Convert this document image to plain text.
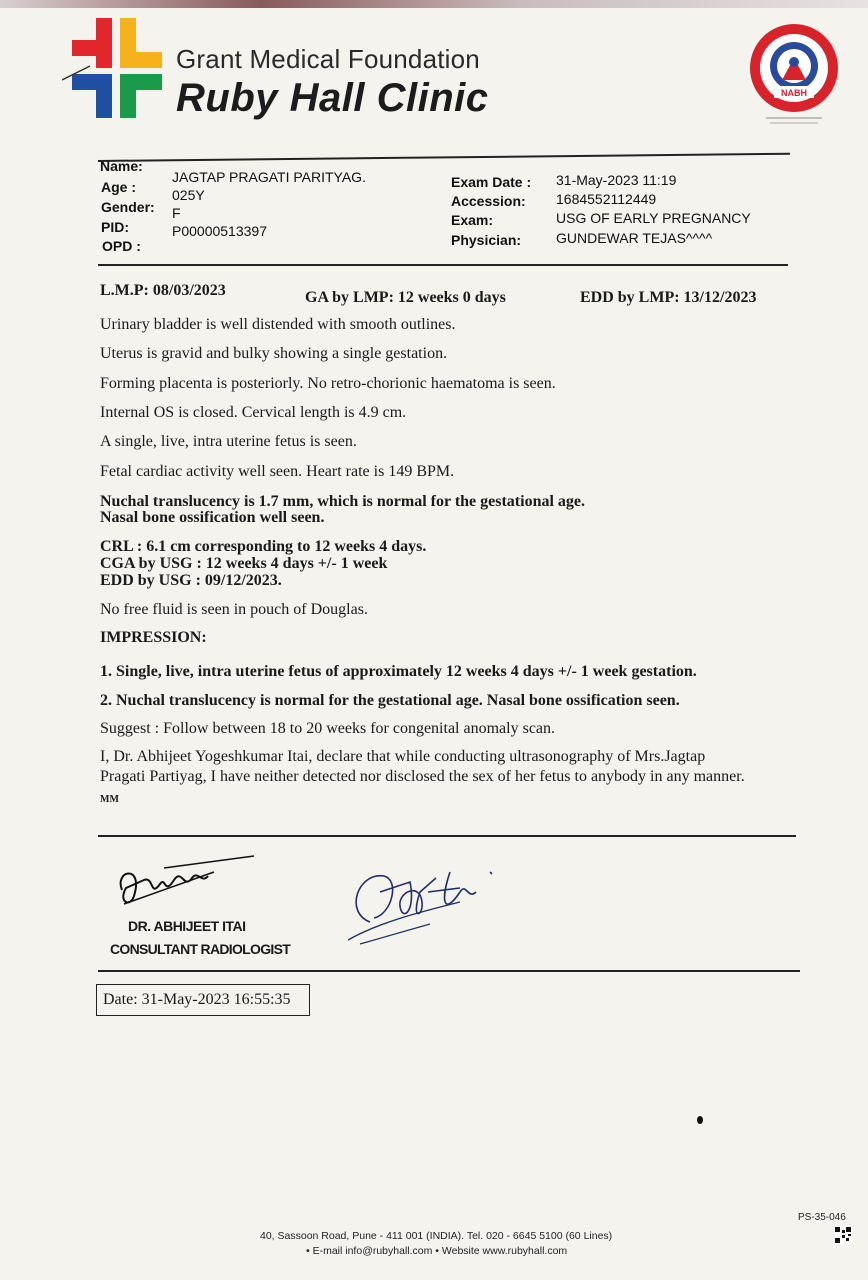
Grant Medical Foundation
Ruby Hall Clinic	NABH
Name:
JAGTAP PRAGATI PARITYAG.
Age :	025Y
Gender: F
PID:	P00000513397
OPD :
Exam Date : 31-May-2023 11:19
Accession: 1684552112449
Exam:	USG OF EARLY PREGNANCY
Physician: GUNDEWAR TEJAS^^^^
L.M.P: 08/03/2023	GA by LMP: 12 weeks 0 days	EDD by LMP: 13/12/2023
Urinary bladder is well distended with smooth outlines.
Uterus is gravid and bulky showing a single gestation.
Forming placenta is posteriorly. No retro-chorionic haematoma is seen.
Internal OS is closed. Cervical length is 4.9 cm.
A single, live, intra uterine fetus is seen.
Fetal cardiac activity well seen. Heart rate is 149 BPM.
Nuchal translucency is 1.7 mm, which is normal for the gestational age.
Nasal bone ossification well seen.
CRL : 6.1 cm corresponding to 12 weeks 4 days.
CGA by USG : 12 weeks 4 days +/- 1 week
EDD by USG : 09/12/2023.
No free fluid is seen in pouch of Douglas.
IMPRESSION:
1. Single, live, intra uterine fetus of approximately 12 weeks 4 days +/- 1 week gestation.
2. Nuchal translucency is normal for the gestational age. Nasal bone ossification seen.
Suggest : Follow between 18 to 20 weeks for congenital anomaly scan.
I, Dr. Abhijeet Yogeshkumar Itai, declare that while conducting ultrasonography of Mrs.Jagtap
Pragati Partiyag, I have neither detected nor disclosed the sex of her fetus to anybody in any manner.
MM
DR. ABHIJEET ITAI
CONSULTANT RADIOLOGIST
Date: 31-May-2023 16:55:35
PS-35-046
40, Sassoon Road, Pune - 411 001 (INDIA). Tel. 020 - 6645 5100 (60 Lines)
• E-mail info@rubyhall.com • Website www.rubyhall.com
